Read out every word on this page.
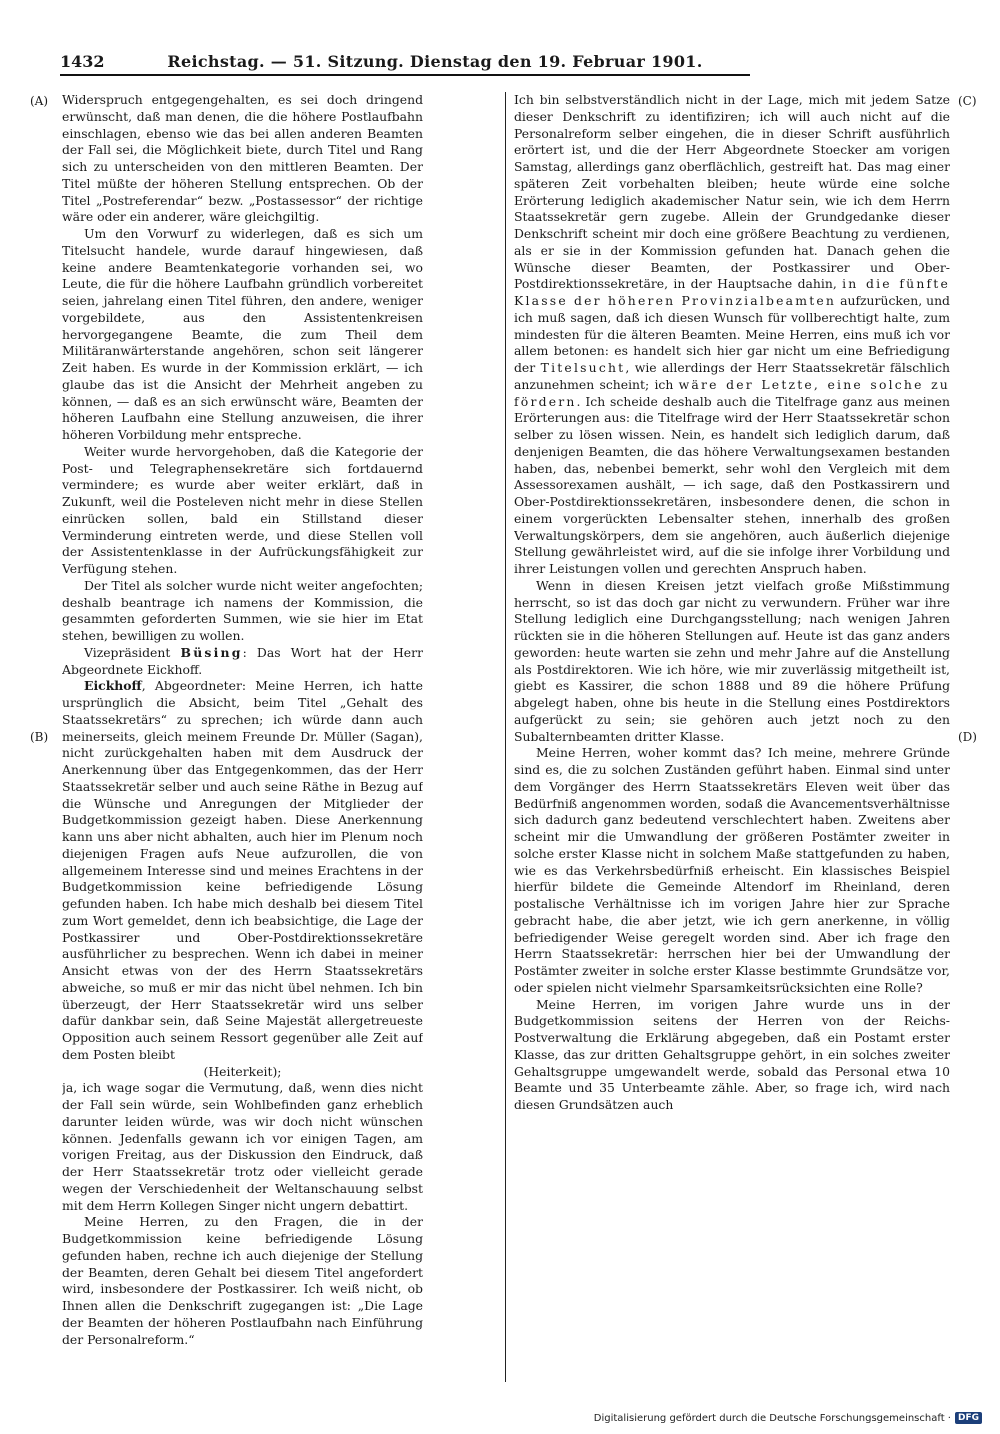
1432	Reichstag. — 51. Sitzung. Dienstag den 19. Februar 1901.
(A)
(B)
(C)
(D)

Widerspruch entgegengehalten, es sei doch dringend erwünscht, daß man denen, die die höhere Postlaufbahn einschlagen, ebenso wie das bei allen anderen Beamten der Fall sei, die Möglichkeit biete, durch Titel und Rang sich zu unterscheiden von den mittleren Beamten. Der Titel müßte der höheren Stellung entsprechen. Ob der Titel „Postreferendar“ bezw. „Postassessor“ der richtige wäre oder ein anderer, wäre gleichgiltig.

Um den Vorwurf zu widerlegen, daß es sich um Titelsucht handele, wurde darauf hingewiesen, daß keine andere Beamtenkategorie vorhanden sei, wo Leute, die für die höhere Laufbahn gründlich vorbereitet seien, jahrelang einen Titel führen, den andere, weniger vorgebildete, aus den Assistentenkreisen hervorgegangene Beamte, die zum Theil dem Militäranwärterstande angehören, schon seit längerer Zeit haben. Es wurde in der Kommission erklärt, — ich glaube das ist die Ansicht der Mehrheit angeben zu können, — daß es an sich erwünscht wäre, Beamten der höheren Laufbahn eine Stellung anzuweisen, die ihrer höheren Vorbildung mehr entspreche.

Weiter wurde hervorgehoben, daß die Kategorie der Post- und Telegraphensekretäre sich fortdauernd vermindere; es wurde aber weiter erklärt, daß in Zukunft, weil die Posteleven nicht mehr in diese Stellen einrücken sollen, bald ein Stillstand dieser Verminderung eintreten werde, und diese Stellen voll der Assistentenklasse in der Aufrückungsfähigkeit zur Verfügung stehen.

Der Titel als solcher wurde nicht weiter angefochten; deshalb beantrage ich namens der Kommission, die gesammten geforderten Summen, wie sie hier im Etat stehen, bewilligen zu wollen.

Vizepräsident Büsing: Das Wort hat der Herr Abgeordnete Eickhoff.

Eickhoff, Abgeordneter: Meine Herren, ich hatte ursprünglich die Absicht, beim Titel „Gehalt des Staatssekretärs“ zu sprechen; ich würde dann auch meinerseits, gleich meinem Freunde Dr. Müller (Sagan), nicht zurückgehalten haben mit dem Ausdruck der Anerkennung über das Entgegenkommen, das der Herr Staatssekretär selber und auch seine Räthe in Bezug auf die Wünsche und Anregungen der Mitglieder der Budgetkommission gezeigt haben. Diese Anerkennung kann uns aber nicht abhalten, auch hier im Plenum noch diejenigen Fragen aufs Neue aufzurollen, die von allgemeinem Interesse sind und meines Erachtens in der Budgetkommission keine befriedigende Lösung gefunden haben. Ich habe mich deshalb bei diesem Titel zum Wort gemeldet, denn ich beabsichtige, die Lage der Postkassirer und Ober-Postdirektionssekretäre ausführlicher zu besprechen. Wenn ich dabei in meiner Ansicht etwas von der des Herrn Staatssekretärs abweiche, so muß er mir das nicht übel nehmen. Ich bin überzeugt, der Herr Staatssekretär wird uns selber dafür dankbar sein, daß Seine Majestät allergetreueste Opposition auch seinem Ressort gegenüber alle Zeit auf dem Posten bleibt

(Heiterkeit);

ja, ich wage sogar die Vermutung, daß, wenn dies nicht der Fall sein würde, sein Wohlbefinden ganz erheblich darunter leiden würde, was wir doch nicht wünschen können. Jedenfalls gewann ich vor einigen Tagen, am vorigen Freitag, aus der Diskussion den Eindruck, daß der Herr Staatssekretär trotz oder vielleicht gerade wegen der Verschiedenheit der Weltanschauung selbst mit dem Herrn Kollegen Singer nicht ungern debattirt.

Meine Herren, zu den Fragen, die in der Budgetkommission keine befriedigende Lösung gefunden haben, rechne ich auch diejenige der Stellung der Beamten, deren Gehalt bei diesem Titel angefordert wird, insbesondere der Postkassirer. Ich weiß nicht, ob Ihnen allen die Denkschrift zugegangen ist: „Die Lage der Beamten der höheren Postlaufbahn nach Einführung der Personalreform.“

Ich bin selbstverständlich nicht in der Lage, mich mit jedem Satze dieser Denkschrift zu identifiziren; ich will auch nicht auf die Personalreform selber eingehen, die in dieser Schrift ausführlich erörtert ist, und die der Herr Abgeordnete Stoecker am vorigen Samstag, allerdings ganz oberflächlich, gestreift hat. Das mag einer späteren Zeit vorbehalten bleiben; heute würde eine solche Erörterung lediglich akademischer Natur sein, wie ich dem Herrn Staatssekretär gern zugebe. Allein der Grundgedanke dieser Denkschrift scheint mir doch eine größere Beachtung zu verdienen, als er sie in der Kommission gefunden hat. Danach gehen die Wünsche dieser Beamten, der Postkassirer und Ober-Postdirektionssekretäre, in der Hauptsache dahin, in die fünfte Klasse der höheren Provinzialbeamten aufzurücken, und ich muß sagen, daß ich diesen Wunsch für vollberechtigt halte, zum mindesten für die älteren Beamten. Meine Herren, eins muß ich vor allem betonen: es handelt sich hier gar nicht um eine Befriedigung der Titelsucht, wie allerdings der Herr Staatssekretär fälschlich anzunehmen scheint; ich wäre der Letzte, eine solche zu fördern. Ich scheide deshalb auch die Titelfrage ganz aus meinen Erörterungen aus: die Titelfrage wird der Herr Staatssekretär schon selber zu lösen wissen. Nein, es handelt sich lediglich darum, daß denjenigen Beamten, die das höhere Verwaltungsexamen bestanden haben, das, nebenbei bemerkt, sehr wohl den Vergleich mit dem Assessorexamen aushält, — ich sage, daß den Postkassirern und Ober-Postdirektionssekretären, insbesondere denen, die schon in einem vorgerückten Lebensalter stehen, innerhalb des großen Verwaltungskörpers, dem sie angehören, auch äußerlich diejenige Stellung gewährleistet wird, auf die sie infolge ihrer Vorbildung und ihrer Leistungen vollen und gerechten Anspruch haben.

Wenn in diesen Kreisen jetzt vielfach große Mißstimmung herrscht, so ist das doch gar nicht zu verwundern. Früher war ihre Stellung lediglich eine Durchgangsstellung; nach wenigen Jahren rückten sie in die höheren Stellungen auf. Heute ist das ganz anders geworden: heute warten sie zehn und mehr Jahre auf die Anstellung als Postdirektoren. Wie ich höre, wie mir zuverlässig mitgetheilt ist, giebt es Kassirer, die schon 1888 und 89 die höhere Prüfung abgelegt haben, ohne bis heute in die Stellung eines Postdirektors aufgerückt zu sein; sie gehören auch jetzt noch zu den Subalternbeamten dritter Klasse.

Meine Herren, woher kommt das? Ich meine, mehrere Gründe sind es, die zu solchen Zuständen geführt haben. Einmal sind unter dem Vorgänger des Herrn Staatssekretärs Eleven weit über das Bedürfniß angenommen worden, sodaß die Avancementsverhältnisse sich dadurch ganz bedeutend verschlechtert haben. Zweitens aber scheint mir die Umwandlung der größeren Postämter zweiter in solche erster Klasse nicht in solchem Maße stattgefunden zu haben, wie es das Verkehrsbedürfniß erheischt. Ein klassisches Beispiel hierfür bildete die Gemeinde Altendorf im Rheinland, deren postalische Verhältnisse ich im vorigen Jahre hier zur Sprache gebracht habe, die aber jetzt, wie ich gern anerkenne, in völlig befriedigender Weise geregelt worden sind. Aber ich frage den Herrn Staatssekretär: herrschen hier bei der Umwandlung der Postämter zweiter in solche erster Klasse bestimmte Grundsätze vor, oder spielen nicht vielmehr Sparsamkeitsrücksichten eine Rolle?

Meine Herren, im vorigen Jahre wurde uns in der Budgetkommission seitens der Herren von der Reichs-Postverwaltung die Erklärung abgegeben, daß ein Postamt erster Klasse, das zur dritten Gehaltsgruppe gehört, in ein solches zweiter Gehaltsgruppe umgewandelt werde, sobald das Personal etwa 10 Beamte und 35 Unterbeamte zähle. Aber, so frage ich, wird nach diesen Grundsätzen auch

Digitalisierung gefördert durch die Deutsche Forschungsgemeinschaft · DFG
